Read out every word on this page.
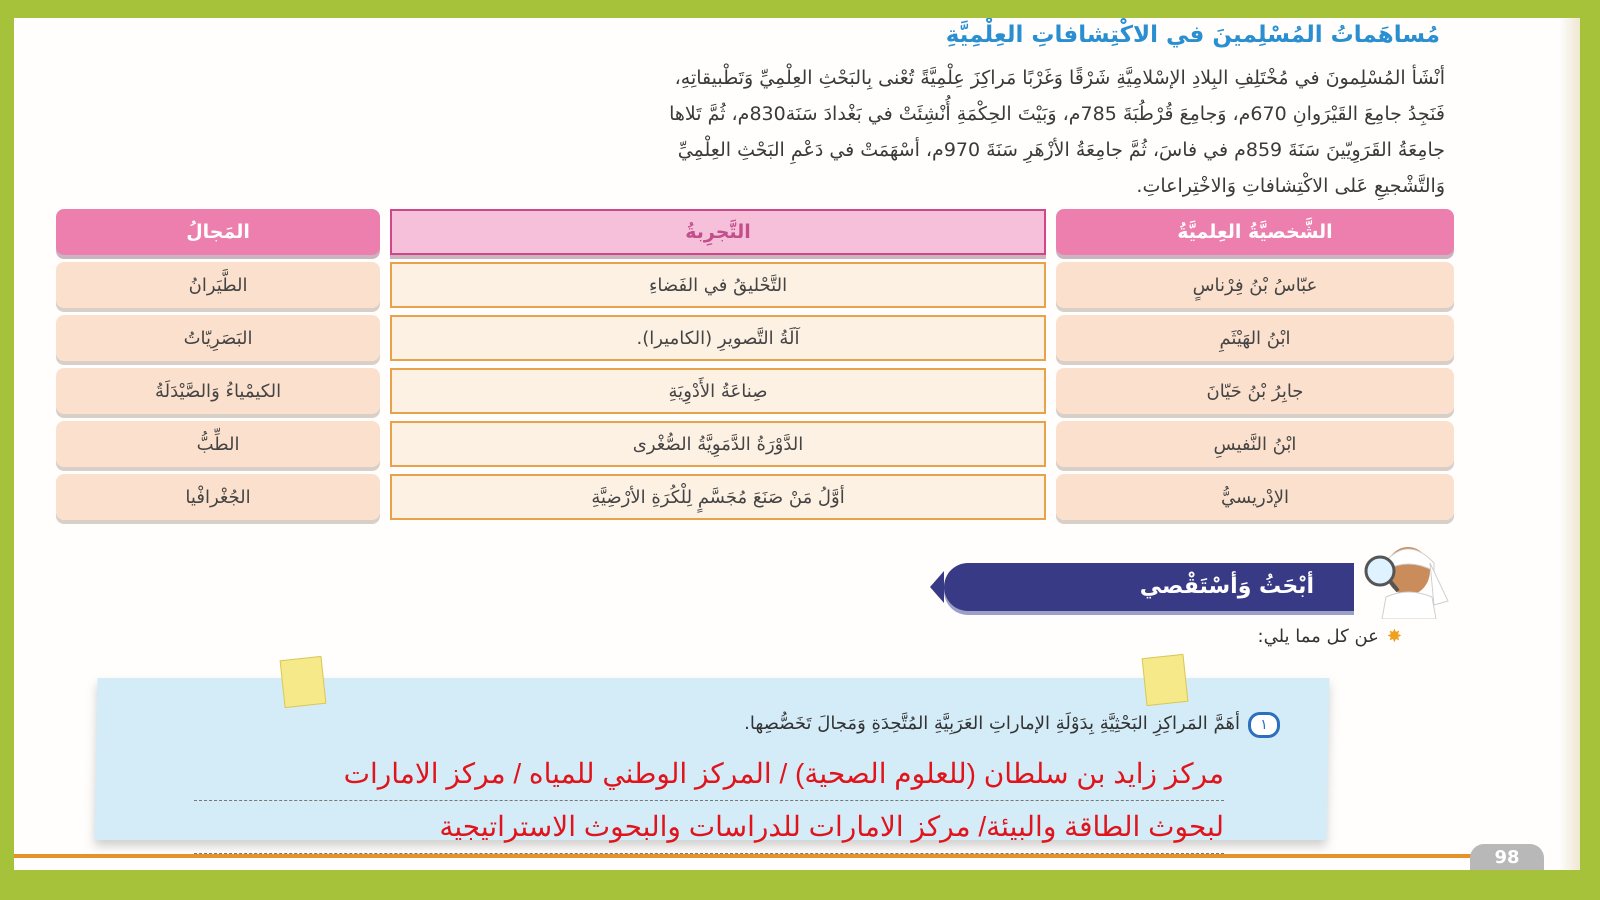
مُساهَماتُ المُسْلِمينَ في الاكْتِشافاتِ العِلْمِيَّةِ

أنْشَأ المُسْلِمونَ في مُخْتَلِفِ البِلادِ الإسْلامِيَّةِ شَرْقًا وَغَرْبًا مَراكِزَ عِلْمِيَّةً تُعْنى بِالبَحْثِ العِلْمِيِّ وَتَطْبيقاتِهِ،

فَنَجِدُ جامِعَ القَيْرَوانِ 670م، وَجامِعَ قُرْطُبَةَ 785م، وَبَيْتَ الحِكْمَةِ أُنْشِئَتْ في بَغْدادَ سَنَة830م، ثُمَّ تَلاها

جامِعَةُ القَرَوِيّينَ سَنَةَ 859م في فاسَ، ثُمَّ جامِعَةُ الأزْهَرِ سَنَةَ 970م، أسْهَمَتْ في دَعْمِ البَحْثِ العِلْمِيِّ

وَالتَّشْجيعِ عَلى الاكْتِشافاتِ وَالاخْتِراعاتِ.

الشَّخصيَّةُ العِلميَّةُ	التَّجرِبةُ	المَجالُ
عبّاسُ بْنُ فِرْناسٍ	التَّحْليقُ في الفَضاءِ	الطَّيَرانُ
ابْنُ الهَيْثَمِ	آلَةُ التَّصويرِ (الكاميرا).	البَصَرِيّاتُ
جابِرُ بْنُ حَيّانَ	صِناعَةُ الأَدْوِيَةِ	الكيمْياءُ وَالصَّيْدَلَةُ
ابْنُ النَّفيسِ	الدَّوْرَةُ الدَّمَوِيَّةُ الصُّغْرى	الطِّبُّ
الإدْريسيُّ	أوَّلُ مَنْ صَنَعَ مُجَسَّمٍ لِلْكُرَةِ الأرْضِيَّةِ	الجُغْرافْيا
أبْحَثُ وَأسْتَقْصي
✸عن كل مما يلي:
١أهَمَّ المَراكِزِ البَحْثِيَّةِ بِدَوْلَةِ الإماراتِ العَرَبِيَّةِ المُتَّحِدَةِ وَمَجالَ تَخَصُّصِها.
مركز زايد بن سلطان (للعلوم الصحية) / المركز الوطني للمياه / مركز الامارات
لبحوث الطاقة والبيئة/ مركز الامارات للدراسات والبحوث الاستراتيجية
98
